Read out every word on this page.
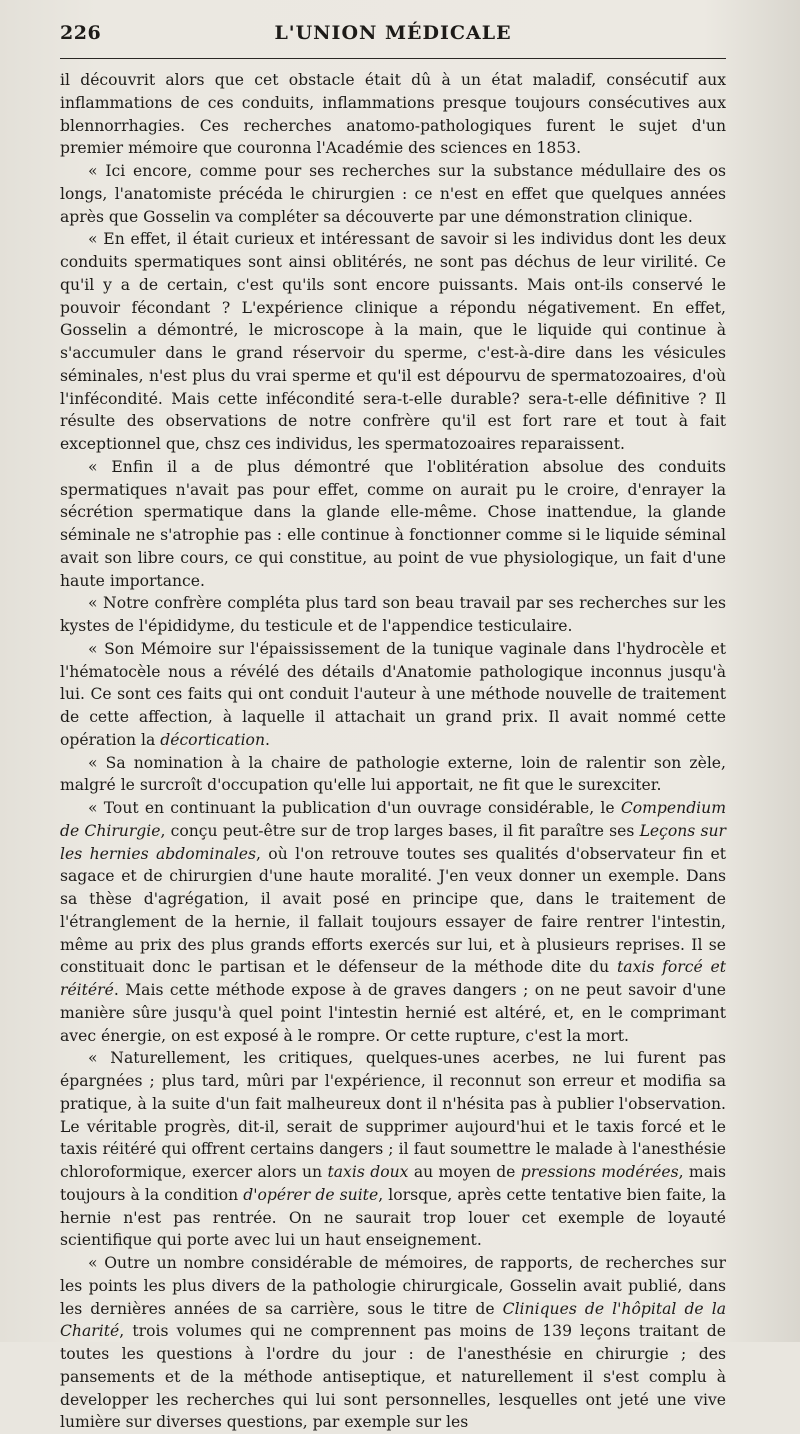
226	L'UNION MÉDICALE

il découvrit alors que cet obstacle était dû à un état maladif, consécutif aux inflammations de ces conduits, inflammations presque toujours consécutives aux blennorrhagies. Ces recherches anatomo-pathologiques furent le sujet d'un premier mémoire que couronna l'Académie des sciences en 1853.

« Ici encore, comme pour ses recherches sur la substance médullaire des os longs, l'anatomiste précéda le chirurgien : ce n'est en effet que quelques années après que Gosselin va compléter sa découverte par une démonstration clinique.

« En effet, il était curieux et intéressant de savoir si les individus dont les deux conduits spermatiques sont ainsi oblitérés, ne sont pas déchus de leur virilité. Ce qu'il y a de certain, c'est qu'ils sont encore puissants. Mais ont-ils conservé le pouvoir fécondant ? L'expérience clinique a répondu négativement. En effet, Gosselin a démontré, le microscope à la main, que le liquide qui continue à s'accumuler dans le grand réservoir du sperme, c'est-à-dire dans les vésicules séminales, n'est plus du vrai sperme et qu'il est dépourvu de spermatozoaires, d'où l'infécondité. Mais cette infécondité sera-t-elle durable? sera-t-elle définitive ? Il résulte des observations de notre confrère qu'il est fort rare et tout à fait exceptionnel que, chsz ces individus, les spermatozoaires reparaissent.

« Enfin il a de plus démontré que l'oblitération absolue des conduits spermatiques n'avait pas pour effet, comme on aurait pu le croire, d'enrayer la sécrétion spermatique dans la glande elle-même. Chose inattendue, la glande séminale ne s'atrophie pas : elle continue à fonctionner comme si le liquide séminal avait son libre cours, ce qui constitue, au point de vue physiologique, un fait d'une haute importance.

« Notre confrère compléta plus tard son beau travail par ses recherches sur les kystes de l'épididyme, du testicule et de l'appendice testiculaire.

« Son Mémoire sur l'épaississement de la tunique vaginale dans l'hydrocèle et l'hématocèle nous a révélé des détails d'Anatomie pathologique inconnus jusqu'à lui. Ce sont ces faits qui ont conduit l'auteur à une méthode nouvelle de traitement de cette affection, à laquelle il attachait un grand prix. Il avait nommé cette opération la décortication.

« Sa nomination à la chaire de pathologie externe, loin de ralentir son zèle, malgré le surcroît d'occupation qu'elle lui apportait, ne fit que le surexciter.

« Tout en continuant la publication d'un ouvrage considérable, le Compendium de Chirurgie, conçu peut-être sur de trop larges bases, il fit paraître ses Leçons sur les hernies abdominales, où l'on retrouve toutes ses qualités d'observateur fin et sagace et de chirurgien d'une haute moralité. J'en veux donner un exemple. Dans sa thèse d'agrégation, il avait posé en principe que, dans le traitement de l'étranglement de la hernie, il fallait toujours essayer de faire rentrer l'intestin, même au prix des plus grands efforts exercés sur lui, et à plusieurs reprises. Il se constituait donc le partisan et le défenseur de la méthode dite du taxis forcé et réitéré. Mais cette méthode expose à de graves dangers ; on ne peut savoir d'une manière sûre jusqu'à quel point l'intestin hernié est altéré, et, en le comprimant avec énergie, on est exposé à le rompre. Or cette rupture, c'est la mort.

« Naturellement, les critiques, quelques-unes acerbes, ne lui furent pas épargnées ; plus tard, mûri par l'expérience, il reconnut son erreur et modifia sa pratique, à la suite d'un fait malheureux dont il n'hésita pas à publier l'observation. Le véritable progrès, dit-il, serait de supprimer aujourd'hui et le taxis forcé et le taxis réitéré qui offrent certains dangers ; il faut soumettre le malade à l'anesthésie chloroformique, exercer alors un taxis doux au moyen de pressions modérées, mais toujours à la condition d'opérer de suite, lorsque, après cette tentative bien faite, la hernie n'est pas rentrée. On ne saurait trop louer cet exemple de loyauté scientifique qui porte avec lui un haut enseignement.

« Outre un nombre considérable de mémoires, de rapports, de recherches sur les points les plus divers de la pathologie chirurgicale, Gosselin avait publié, dans les dernières années de sa carrière, sous le titre de Cliniques de l'hôpital de la Charité, trois volumes qui ne comprennent pas moins de 139 leçons traitant de toutes les questions à l'ordre du jour : de l'anesthésie en chirurgie ; des pansements et de la méthode antiseptique, et naturellement il s'est complu à developper les recherches qui lui sont personnelles, lesquelles ont jeté une vive lumière sur diverses questions, par exemple sur les
